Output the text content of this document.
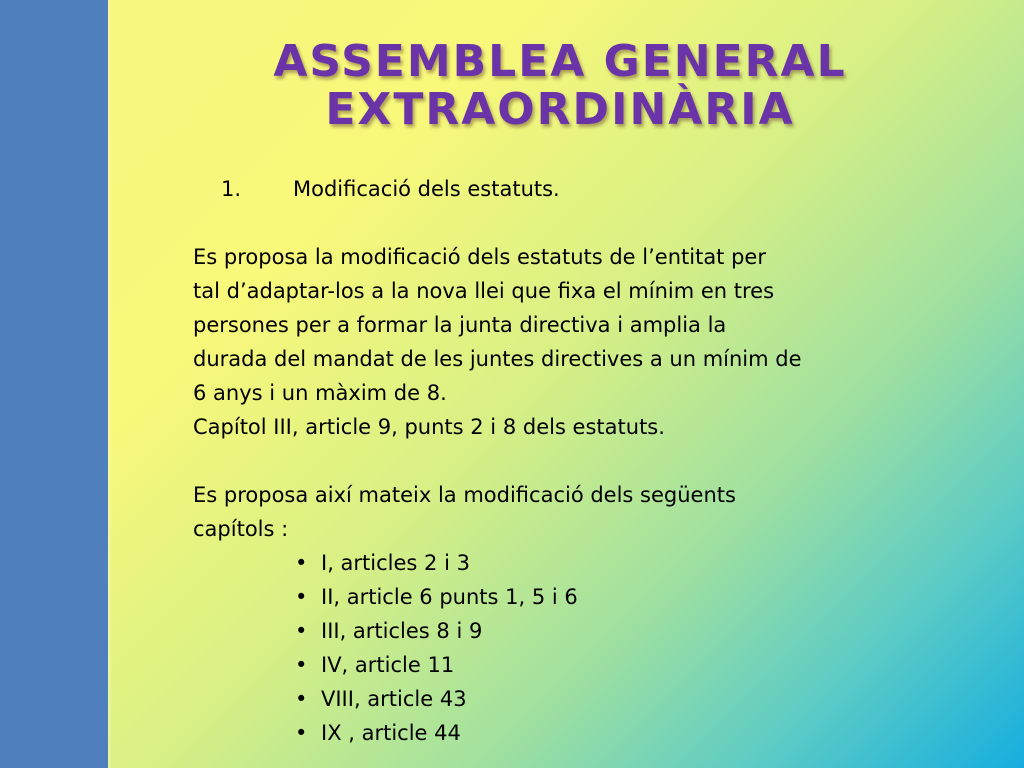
ASSEMBLEA GENERAL
EXTRAORDINÀRIA

1.	Modificació dels estatuts.

Es proposa la modificació dels estatuts de l’entitat per
tal d’adaptar-los a la nova llei que fixa el mínim en tres
persones per a formar la junta directiva i amplia la
durada del mandat de les juntes directives a un mínim de
6 anys i un màxim de 8.

Capítol III, article 9, punts 2 i 8 dels estatuts.

Es proposa així mateix la modificació dels següents
capítols :

• I, articles 2 i 3
• II, article 6 punts 1, 5 i 6
• III, articles 8 i 9
• IV, article 11
• VIII, article 43
• IX , article 44
